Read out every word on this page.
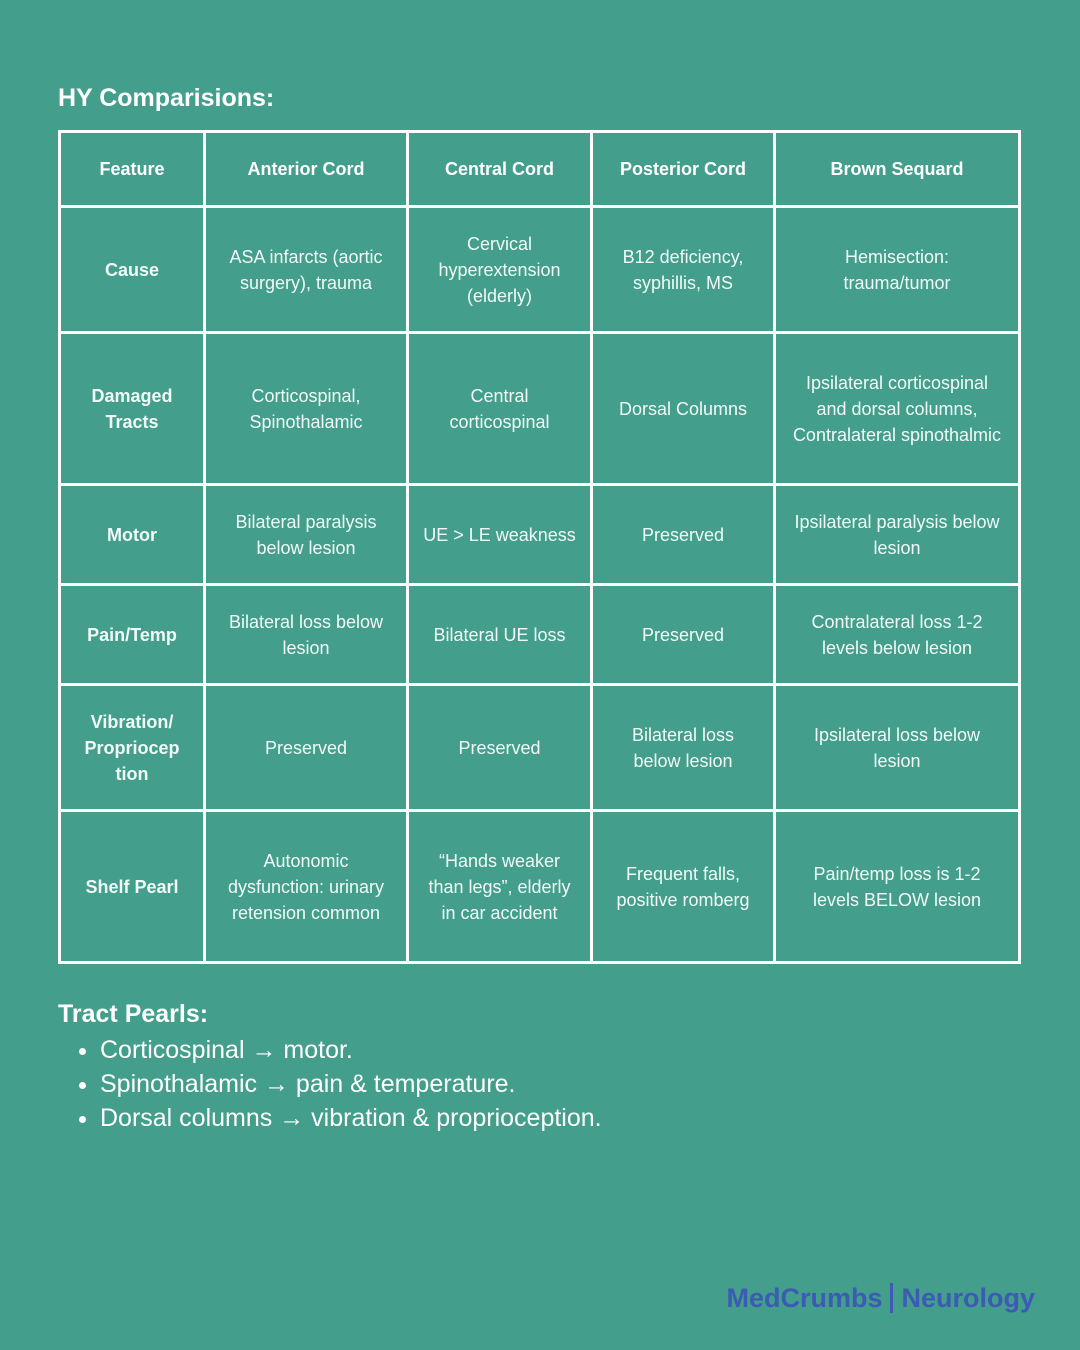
HY Comparisions:
Feature	Anterior Cord	Central Cord	Posterior Cord	Brown Sequard
Cause	ASA infarcts (aortic surgery), trauma	Cervical hyperextension (elderly)	B12 deficiency, syphillis, MS	Hemisection: trauma/tumor
Damaged Tracts	Corticospinal, Spinothalamic	Central corticospinal	Dorsal Columns	Ipsilateral corticospinal and dorsal columns, Contralateral spinothalmic
Motor	Bilateral paralysis below lesion	UE > LE weakness	Preserved	Ipsilateral paralysis below lesion
Pain/Temp	Bilateral loss below lesion	Bilateral UE loss	Preserved	Contralateral loss 1-2 levels below lesion
Vibration/ Propriocep tion	Preserved	Preserved	Bilateral loss below lesion	Ipsilateral loss below lesion
Shelf Pearl	Autonomic dysfunction: urinary retension common	“Hands weaker than legs”, elderly in car accident	Frequent falls, positive romberg	Pain/temp loss is 1-2 levels BELOW lesion
Tract Pearls:
• Corticospinal → motor.
• Spinothalamic → pain & temperature.
• Dorsal columns → vibration & proprioception.
MedCrumbs Neurology
